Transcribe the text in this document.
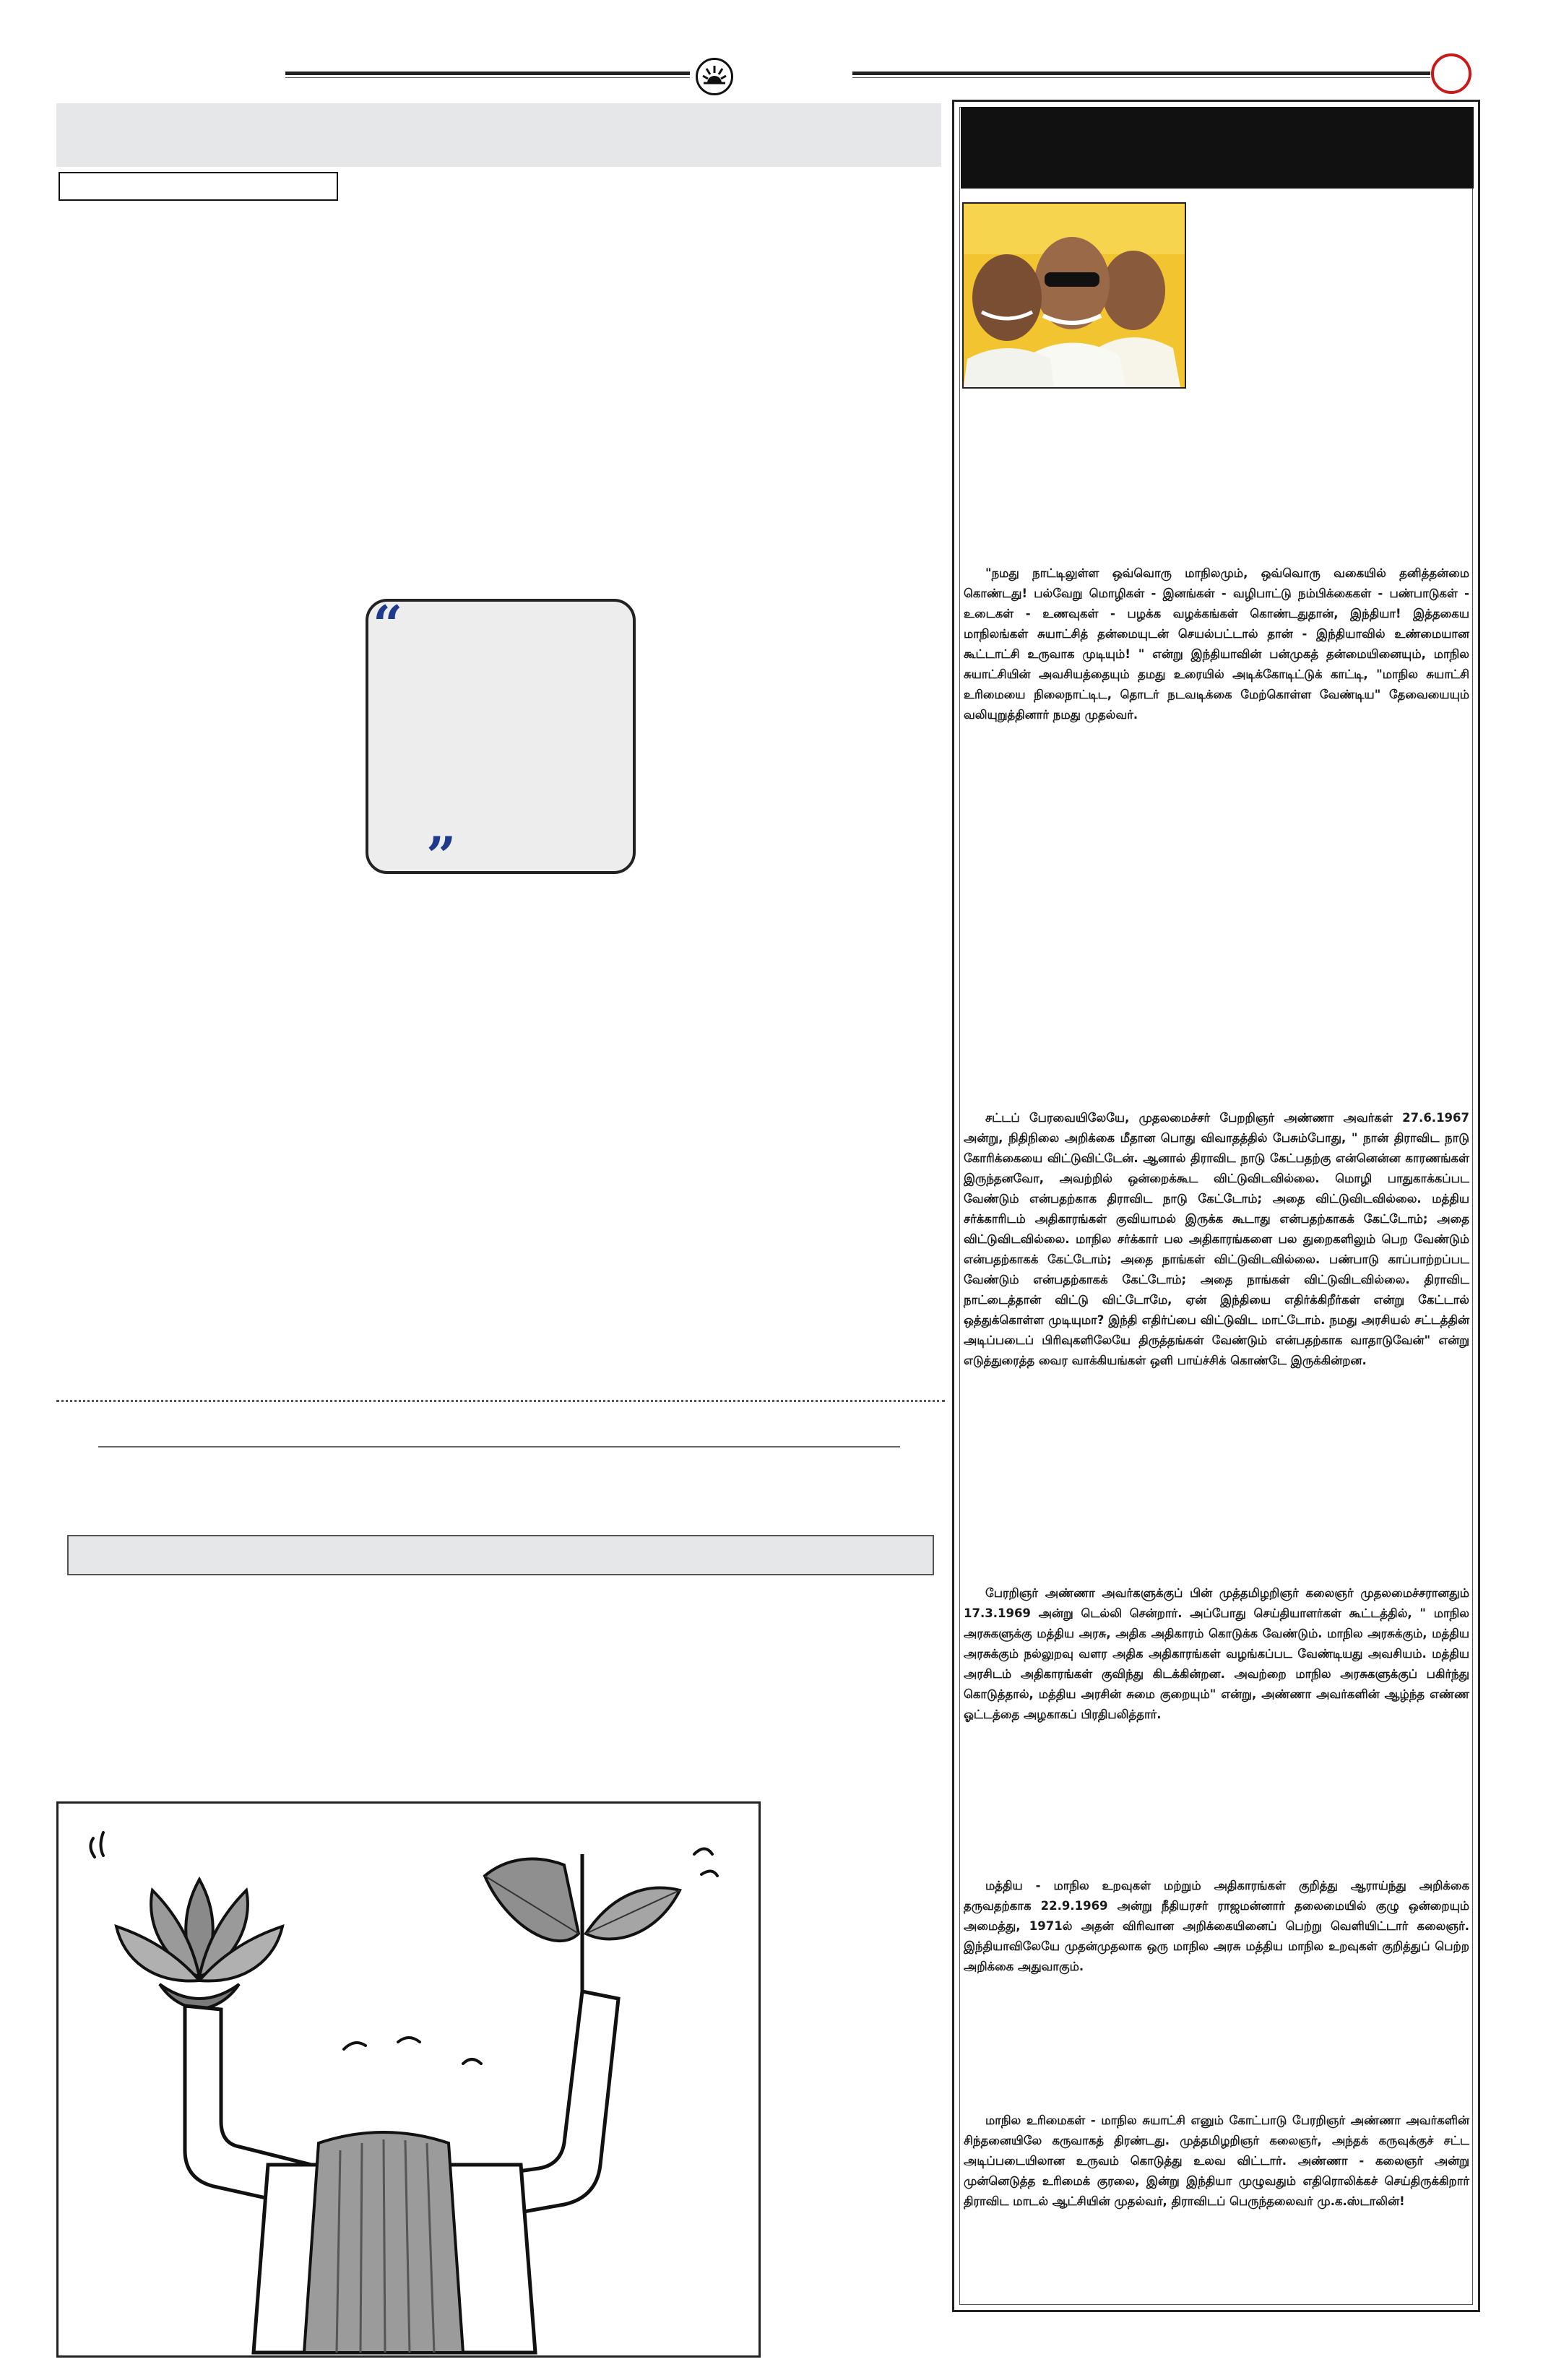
“
”
"நமது நாட்டிலுள்ள ஒவ்வொரு மாநிலமும், ஒவ்வொரு வகையில் தனித்தன்மை கொண்டது! பல்வேறு மொழிகள் - இனங்கள் - வழிபாட்டு நம்பிக்கைகள் - பண்பாடுகள் - உடைகள் - உணவுகள் - பழக்க வழக்கங்கள் கொண்டதுதான், இந்தியா! இத்தகைய மாநிலங்கள் சுயாட்சித் தன்மையுடன் செயல்பட்டால் தான் - இந்தியாவில் உண்மையான கூட்டாட்சி உருவாக முடியும்! " என்று இந்தியாவின் பன்முகத் தன்மையினையும், மாநில சுயாட்சியின் அவசியத்தையும் தமது உரையில் அடிக்கோடிட்டுக் காட்டி, "மாநில சுயாட்சி உரிமையை நிலைநாட்டிட, தொடர் நடவடிக்கை மேற்கொள்ள வேண்டிய" தேவையையும் வலியுறுத்தினார் நமது முதல்வர்.
சட்டப் பேரவையிலேயே, முதலமைச்சர் பேறறிஞர் அண்ணா அவர்கள் 27.6.1967 அன்று, நிதிநிலை அறிக்கை மீதான பொது விவாதத்தில் பேசும்போது, " நான் திராவிட நாடு கோரிக்கையை விட்டுவிட்டேன். ஆனால் திராவிட நாடு கேட்பதற்கு என்னென்ன காரணங்கள் இருந்தனவோ, அவற்றில் ஒன்றைக்கூட விட்டுவிடவில்லை. மொழி பாதுகாக்கப்பட வேண்டும் என்பதற்காக திராவிட நாடு கேட்டோம்; அதை விட்டுவிடவில்லை. மத்திய சர்க்காரிடம் அதிகாரங்கள் குவியாமல் இருக்க கூடாது என்பதற்காகக் கேட்டோம்; அதை விட்டுவிடவில்லை. மாநில சர்க்கார் பல அதிகாரங்களை பல துறைகளிலும் பெற வேண்டும் என்பதற்காகக் கேட்டோம்; அதை நாங்கள் விட்டுவிடவில்லை. பண்பாடு காப்பாற்றப்பட வேண்டும் என்பதற்காகக் கேட்டோம்; அதை நாங்கள் விட்டுவிடவில்லை. திராவிட நாட்டைத்தான் விட்டு விட்டோமே, ஏன் இந்தியை எதிர்க்கிறீர்கள் என்று கேட்டால் ஒத்துக்கொள்ள முடியுமா? இந்தி எதிர்ப்பை விட்டுவிட மாட்டோம். நமது அரசியல் சட்டத்தின் அடிப்படைப் பிரிவுகளிலேயே திருத்தங்கள் வேண்டும் என்பதற்காக வாதாடுவேன்" என்று எடுத்துரைத்த வைர வாக்கியங்கள் ஒளி பாய்ச்சிக் கொண்டே இருக்கின்றன.
பேரறிஞர் அண்ணா அவர்களுக்குப் பின் முத்தமிழறிஞர் கலைஞர் முதலமைச்சரானதும் 17.3.1969 அன்று டெல்லி சென்றார். அப்போது செய்தியாளர்கள் கூட்டத்தில், " மாநில அரசுகளுக்கு மத்திய அரசு, அதிக அதிகாரம் கொடுக்க வேண்டும். மாநில அரசுக்கும், மத்திய அரசுக்கும் நல்லுறவு வளர அதிக அதிகாரங்கள் வழங்கப்பட வேண்டியது அவசியம். மத்திய அரசிடம் அதிகாரங்கள் குவிந்து கிடக்கின்றன. அவற்றை மாநில அரசுகளுக்குப் பகிர்ந்து கொடுத்தால், மத்திய அரசின் சுமை குறையும்" என்று, அண்ணா அவர்களின் ஆழ்ந்த எண்ண ஓட்டத்தை அழகாகப் பிரதிபலித்தார்.
மத்திய - மாநில உறவுகள் மற்றும் அதிகாரங்கள் குறித்து ஆராய்ந்து அறிக்கை தருவதற்காக 22.9.1969 அன்று நீதியரசர் ராஜமன்னார் தலைமையில் குழு ஒன்றையும் அமைத்து, 1971ல் அதன் விரிவான அறிக்கையினைப் பெற்று வெளியிட்டார் கலைஞர். இந்தியாவிலேயே முதன்முதலாக ஒரு மாநில அரசு மத்திய மாநில உறவுகள் குறித்துப் பெற்ற அறிக்கை அதுவாகும்.
மாநில உரிமைகள் - மாநில சுயாட்சி எனும் கோட்பாடு பேரறிஞர் அண்ணா அவர்களின் சிந்தனையிலே கருவாகத் திரண்டது. முத்தமிழறிஞர் கலைஞர், அந்தக் கருவுக்குச் சட்ட அடிப்படையிலான உருவம் கொடுத்து உலவ விட்டார். அண்ணா - கலைஞர் அன்று முன்னெடுத்த உரிமைக் குரலை, இன்று இந்தியா முழுவதும் எதிரொலிக்கச் செய்திருக்கிறார் திராவிட மாடல் ஆட்சியின் முதல்வர், திராவிடப் பெருந்தலைவர் மு.க.ஸ்டாலின்!
